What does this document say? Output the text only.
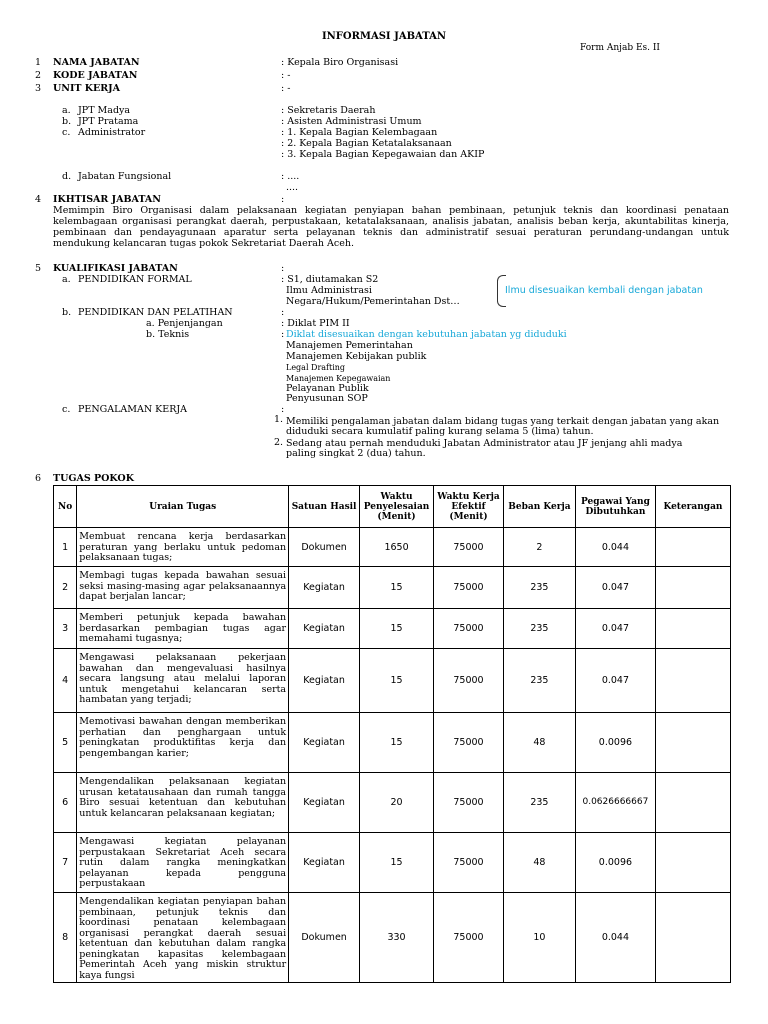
INFORMASI JABATAN
Form Anjab Es. II
1 NAMA JABATAN	: Kepala Biro Organisasi
2 KODE JABATAN	: -
3 UNIT KERJA	: -
a. JPT Madya	: Sekretaris Daerah
b. JPT Pratama	: Asisten Administrasi Umum
c. Administrator	: 1. Kepala Bagian Kelembagaan
: 2. Kepala Bagian Ketatalaksanaan
: 3. Kepala Bagian Kepegawaian dan AKIP
d. Jabatan Fungsional	: ....
....
4 IKHTISAR JABATAN	:
Memimpin Biro Organisasi dalam pelaksanaan kegiatan penyiapan bahan pembinaan, petunjuk teknis dan koordinasi penataan kelembagaan organisasi perangkat daerah, perpustakaan, ketatalaksanaan, analisis jabatan, analisis beban kerja, akuntabilitas kinerja, pembinaan dan pendayagunaan aparatur serta pelayanan teknis dan administratif sesuai peraturan perundang-undangan untuk mendukung kelancaran tugas pokok Sekretariat Daerah Aceh.
5 KUALIFIKASI JABATAN	:
a. PENDIDIKAN FORMAL	: S1, diutamakan S2
Ilmu Administrasi
Negara/Hukum/Pemerintahan Dst…
Ilmu disesuaikan kembali dengan jabatan
b. PENDIDIKAN DAN PELATIHAN	:
a. Penjenjangan	: Diklat PIM II
b. Teknis	: Diklat disesuaikan dengan kebutuhan jabatan yg diduduki
Manajemen Pemerintahan
Manajemen Kebijakan publik
Legal Drafting
Manajemen Kepegawaian
Pelayanan Publik
Penyusunan SOP
c. PENGALAMAN KERJA	:
1. Memiliki pengalaman jabatan dalam bidang tugas yang terkait dengan jabatan yang akan
diduduki secara kumulatif paling kurang selama 5 (lima) tahun.
2. Sedang atau pernah menduduki Jabatan Administrator atau JF jenjang ahli madya
paling singkat 2 (dua) tahun.
6 TUGAS POKOK
No	Uraian Tugas	Satuan Hasil	Waktu Penyelesaian (Menit)	Waktu Kerja Efektif (Menit)	Beban Kerja	Pegawai Yang Dibutuhkan	Keterangan
1	Membuat rencana kerja berdasarkan peraturan yang berlaku untuk pedoman pelaksanaan tugas;	Dokumen	1650	75000	2	0.044	
2	Membagi tugas kepada bawahan sesuai seksi masing-masing agar pelaksanaannya dapat berjalan lancar;	Kegiatan	15	75000	235	0.047	
3	Memberi petunjuk kepada bawahan berdasarkan pembagian tugas agar memahami tugasnya;	Kegiatan	15	75000	235	0.047	
4	Mengawasi pelaksanaan pekerjaan bawahan dan mengevaluasi hasilnya secara langsung atau melalui laporan untuk mengetahui kelancaran serta hambatan yang terjadi;	Kegiatan	15	75000	235	0.047	
5	Memotivasi bawahan dengan memberikan perhatian dan penghargaan untuk peningkatan produktifitas kerja dan pengembangan karier;	Kegiatan	15	75000	48	0.0096	
6	Mengendalikan pelaksanaan kegiatan urusan ketatausahaan dan rumah tangga Biro sesuai ketentuan dan kebutuhan untuk kelancaran pelaksanaan kegiatan;	Kegiatan	20	75000	235	0.0626666667	
7	Mengawasi kegiatan pelayanan perpustakaan Sekretariat Aceh secara rutin dalam rangka meningkatkan pelayanan kepada pengguna perpustakaan	Kegiatan	15	75000	48	0.0096	
8	Mengendalikan kegiatan penyiapan bahan pembinaan, petunjuk teknis dan koordinasi penataan kelembagaan organisasi perangkat daerah sesuai ketentuan dan kebutuhan dalam rangka peningkatan kapasitas kelembagaan Pemerintah Aceh yang miskin struktur kaya fungsi	Dokumen	330	75000	10	0.044	
